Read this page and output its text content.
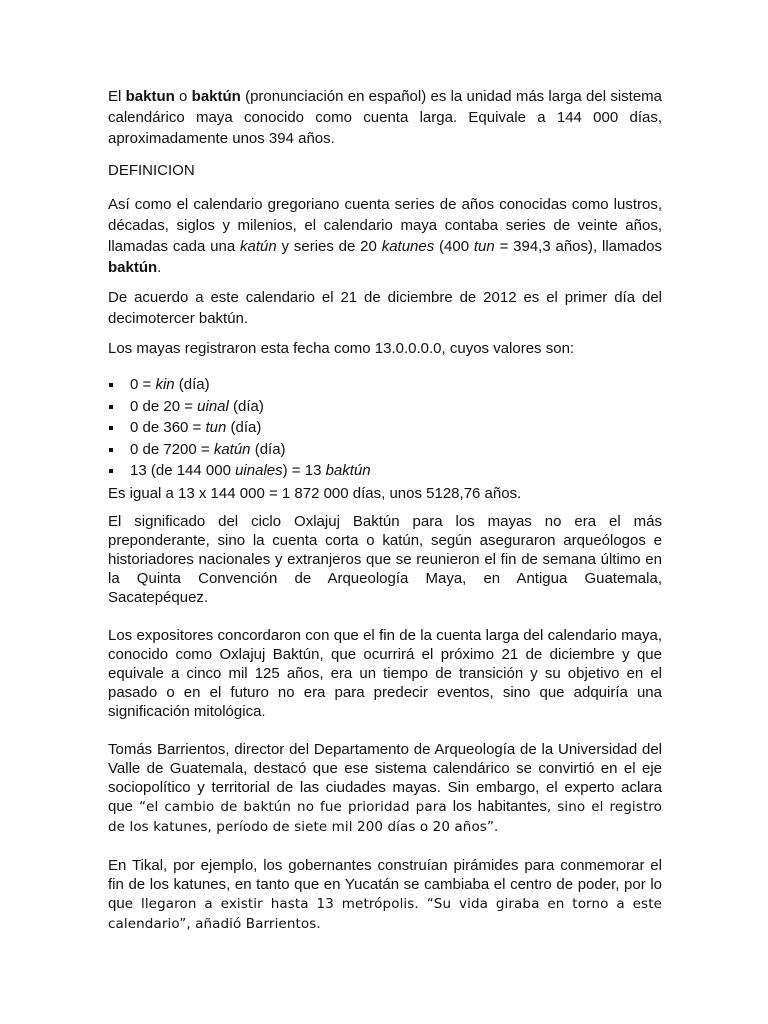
El baktun o baktún (pronunciación en español) es la unidad más larga del sistema calendárico maya conocido como cuenta larga. Equivale a 144 000 días, aproximadamente unos 394 años.

DEFINICION

Así como el calendario gregoriano cuenta series de años conocidas como lustros, décadas, siglos y milenios, el calendario maya contaba series de veinte años, llamadas cada una katún y series de 20 katunes (400 tun = 394,3 años), llamados baktún.

De acuerdo a este calendario el 21 de diciembre de 2012 es el primer día del decimotercer baktún.

Los mayas registraron esta fecha como 13.0.0.0.0, cuyos valores son:

0 = kin (día)
0 de 20 = uinal (día)
0 de 360 = tun (día)
0 de 7200 = katún (día)
13 (de 144 000 uinales) = 13 baktún

Es igual a 13 x 144 000 = 1 872 000 días, unos 5128,76 años.

El significado del ciclo Oxlajuj Baktún para los mayas no era el más preponderante, sino la cuenta corta o katún, según aseguraron arqueólogos e historiadores nacionales y extranjeros que se reunieron el fin de semana último en la Quinta Convención de Arqueología Maya, en Antigua Guatemala, Sacatepéquez.

Los expositores concordaron con que el fin de la cuenta larga del calendario maya, conocido como Oxlajuj Baktún, que ocurrirá el próximo 21 de diciembre y que equivale a cinco mil 125 años, era un tiempo de transición y su objetivo en el pasado o en el futuro no era para predecir eventos, sino que adquiría una significación mitológica.

Tomás Barrientos, director del Departamento de Arqueología de la Universidad del Valle de Guatemala, destacó que ese sistema calendárico se convirtió en el eje sociopolítico y territorial de las ciudades mayas. Sin embargo, el experto aclara que “el cambio de baktún no fue prioridad para los habitantes, sino el registro de los katunes, período de siete mil 200 días o 20 años”.

En Tikal, por ejemplo, los gobernantes construían pirámides para conmemorar el fin de los katunes, en tanto que en Yucatán se cambiaba el centro de poder, por lo que llegaron a existir hasta 13 metrópolis. “Su vida giraba en torno a este calendario”, añadió Barrientos.
